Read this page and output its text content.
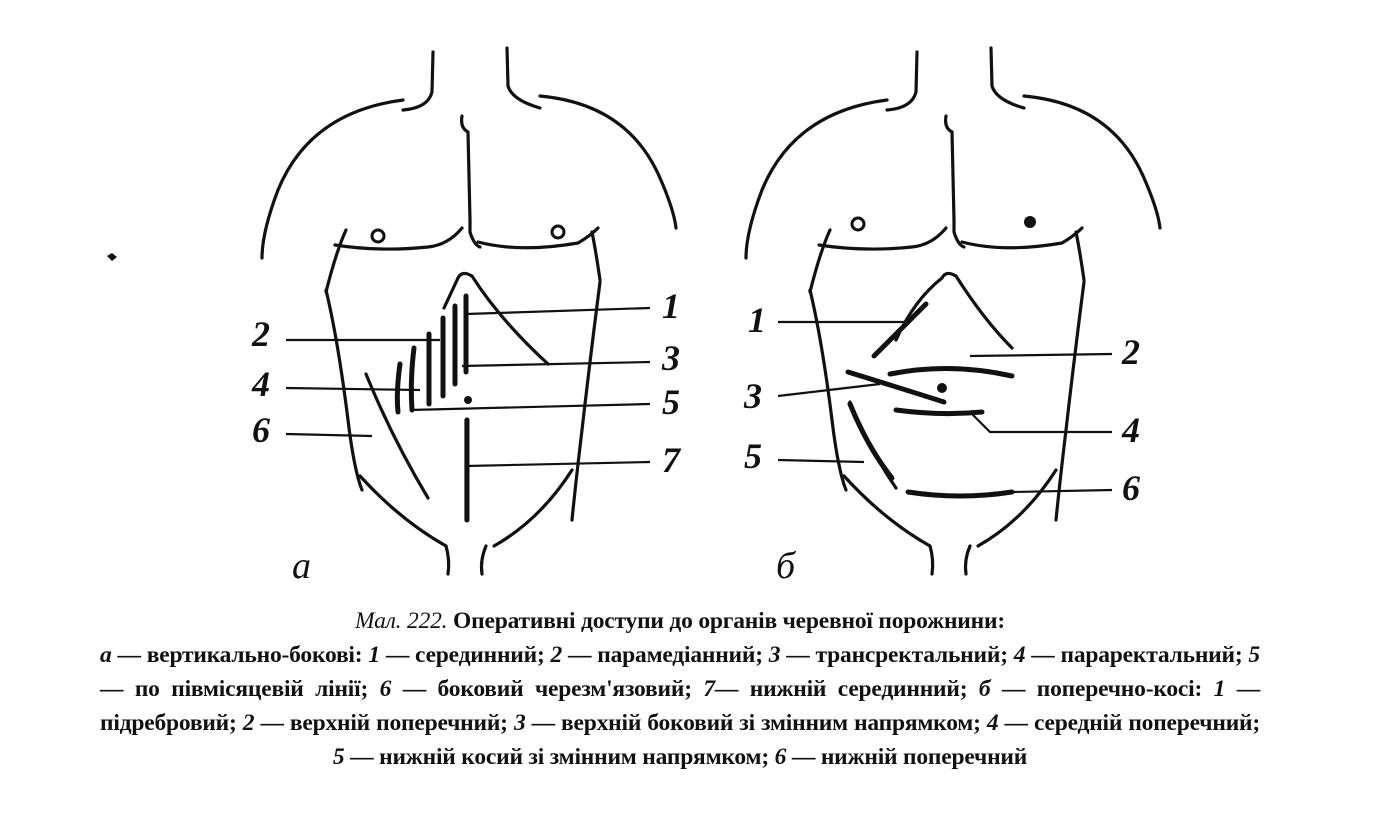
1
2
3
4	5
6
7
а
1
2
3
4
5
6
б
Мал. 222. Оперативні доступи до органів черевної порожнини:
а — вертикально-бокові: 1 — серединний; 2 — парамедіанний; 3 — трансректальний; 4 — параректальний; 5 — по півмісяцевій лінії; 6 — боковий черезм'язовий; 7— нижній серединний; б — поперечно-косі: 1 — підребровий; 2 — верхній поперечний; 3 — верхній боковий зі змінним напрямком; 4 — середній поперечний; 5 — нижній косий зі змінним напрямком; 6 — нижній поперечний
